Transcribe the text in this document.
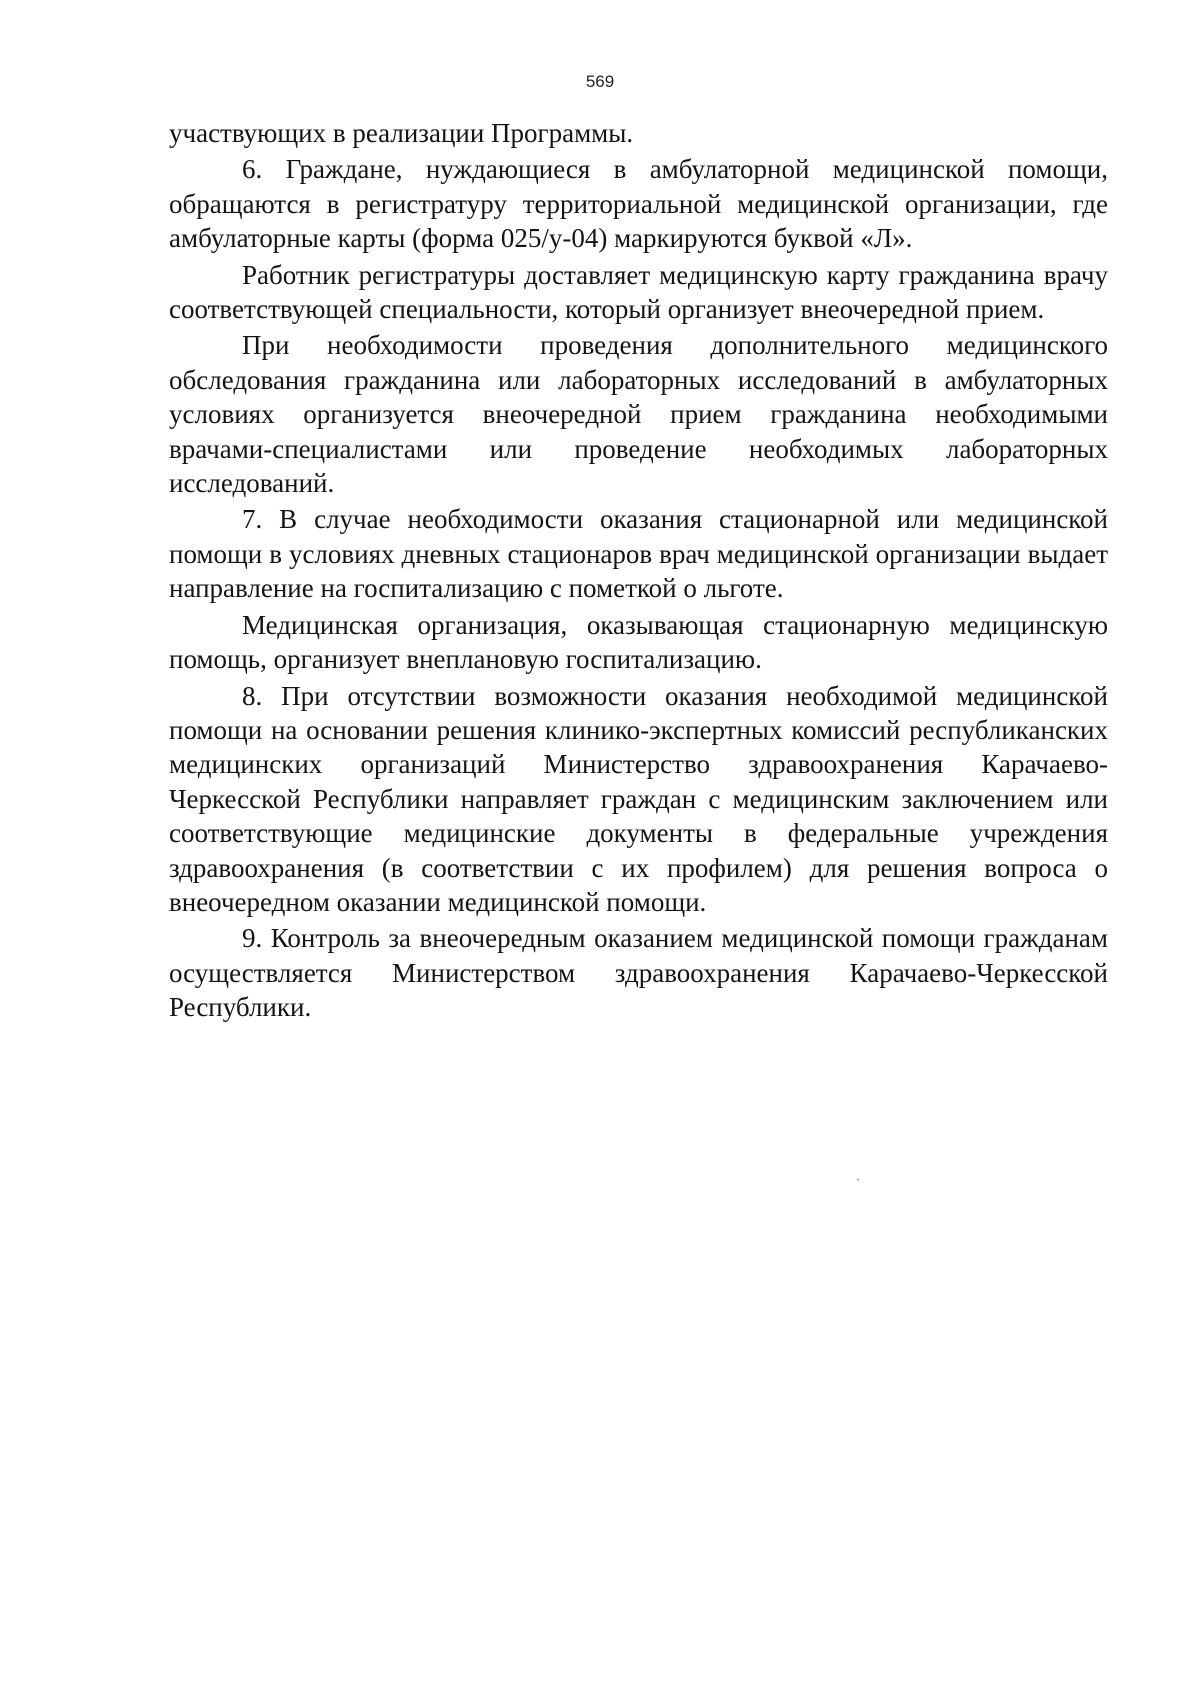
569

участвующих в реализации Программы.

6. Граждане, нуждающиеся в амбулаторной медицинской помощи, обращаются в регистратуру территориальной медицинской организации, где амбулаторные карты (форма 025/у-04) маркируются буквой «Л».

Работник регистратуры доставляет медицинскую карту гражданина врачу соответствующей специальности, который организует внеочередной прием.

При необходимости проведения дополнительного медицинского обследования гражданина или лабораторных исследований в амбулаторных условиях организуется внеочередной прием гражданина необходимыми врачами-специалистами или проведение необходимых лабораторных исследований.

7. В случае необходимости оказания стационарной или медицинской помощи в условиях дневных стационаров врач медицинской организации выдает направление на госпитализацию с пометкой о льготе.

Медицинская организация, оказывающая стационарную медицинскую помощь, организует внеплановую госпитализацию.

8. При отсутствии возможности оказания необходимой медицинской помощи на основании решения клинико-экспертных комиссий республиканских медицинских организаций Министерство здравоохранения Карачаево-Черкесской Республики направляет граждан с медицинским заключением или соответствующие медицинские документы в федеральные учреждения здравоохранения (в соответствии с их профилем) для решения вопроса о внеочередном оказании медицинской помощи.

9. Контроль за внеочередным оказанием медицинской помощи гражданам осуществляется Министерством здравоохранения Карачаево-Черкесской Республики.
